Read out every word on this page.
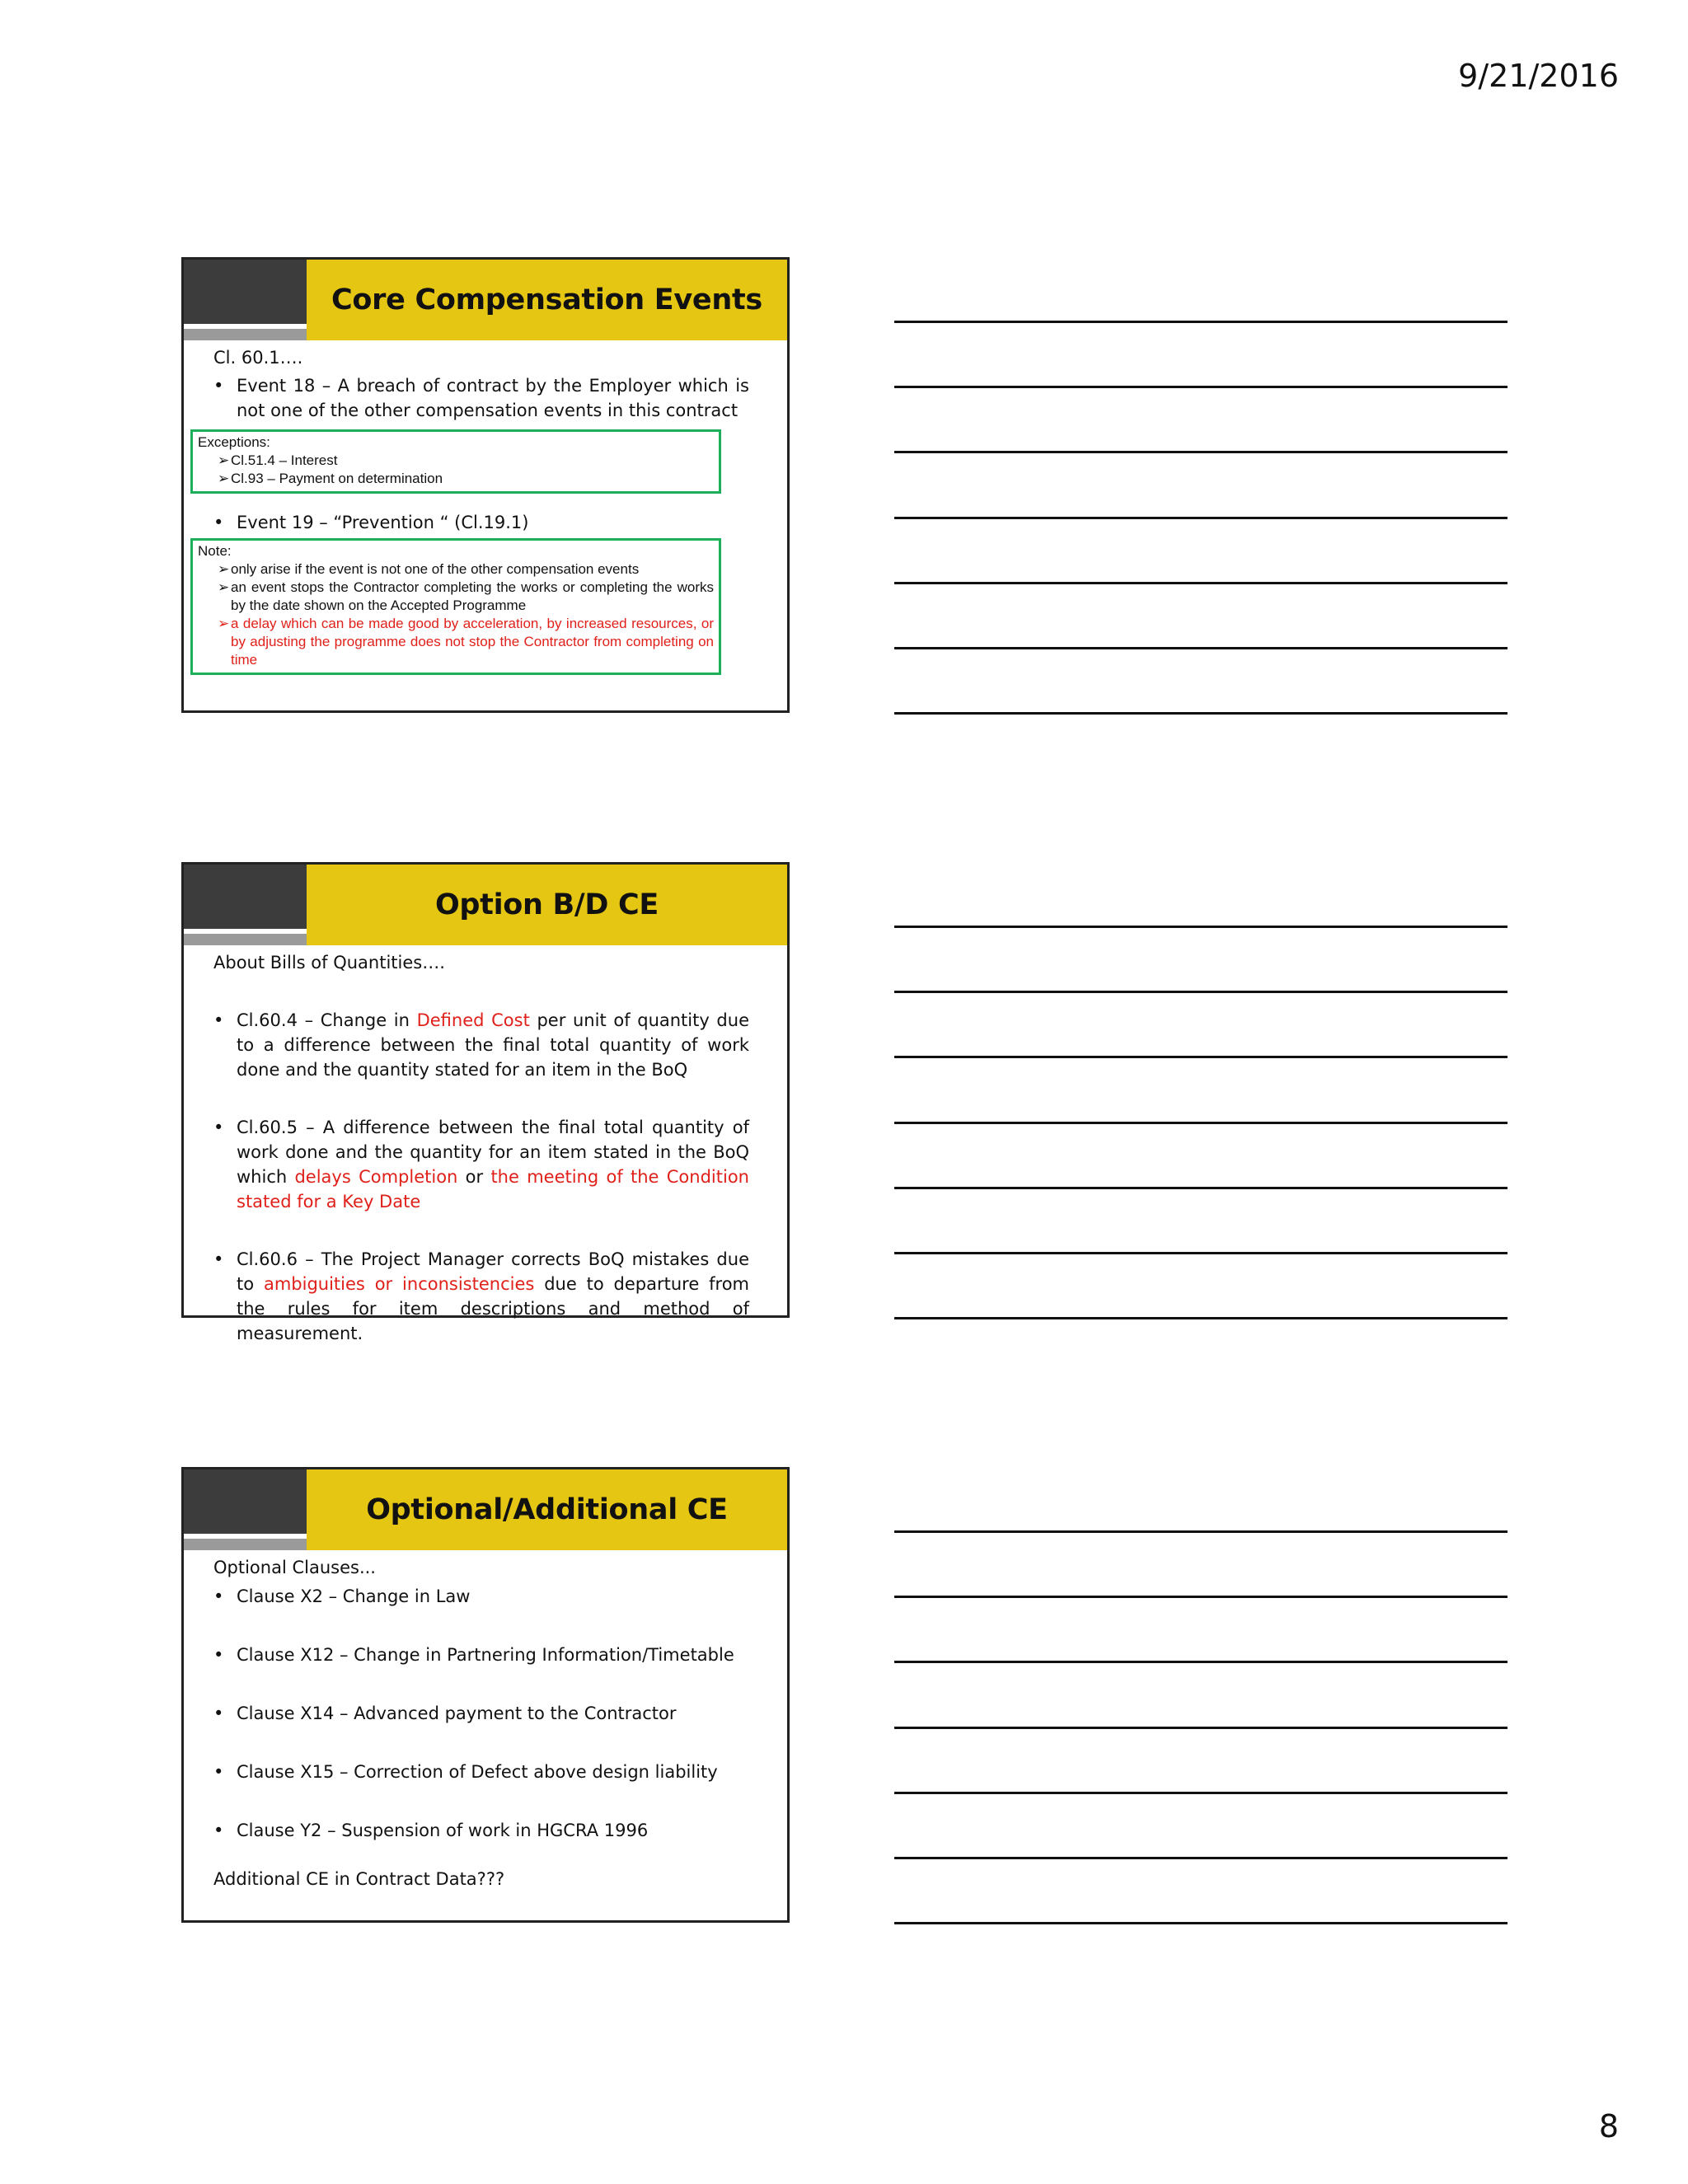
9/21/2016
Core Compensation Events
Cl. 60.1….
• Event 18 – A breach of contract by the Employer which is not one of the other compensation events in this contract
Exceptions:
➢ Cl.51.4 – Interest
➢ Cl.93 – Payment on determination
• Event 19 – “Prevention “ (Cl.19.1)
Note:
➢ only arise if the event is not one of the other compensation events
➢ an event stops the Contractor completing the works or completing the works by the date shown on the Accepted Programme
➢ a delay which can be made good by acceleration, by increased resources, or by adjusting the programme does not stop the Contractor from completing on time
Option B/D CE
About Bills of Quantities….
• Cl.60.4 – Change in Defined Cost per unit of quantity due to a difference between the final total quantity of work done and the quantity stated for an item in the BoQ
• Cl.60.5 – A difference between the final total quantity of work done and the quantity for an item stated in the BoQ which delays Completion or the meeting of the Condition stated for a Key Date
• Cl.60.6 – The Project Manager corrects BoQ mistakes due to ambiguities or inconsistencies due to departure from the rules for item descriptions and method of measurement.
Optional/Additional CE
Optional Clauses...
• Clause X2 – Change in Law
• Clause X12 – Change in Partnering Information/Timetable
• Clause X14 – Advanced payment to the Contractor
• Clause X15 – Correction of Defect above design liability
• Clause Y2 – Suspension of work in HGCRA 1996
Additional CE in Contract Data???
8
